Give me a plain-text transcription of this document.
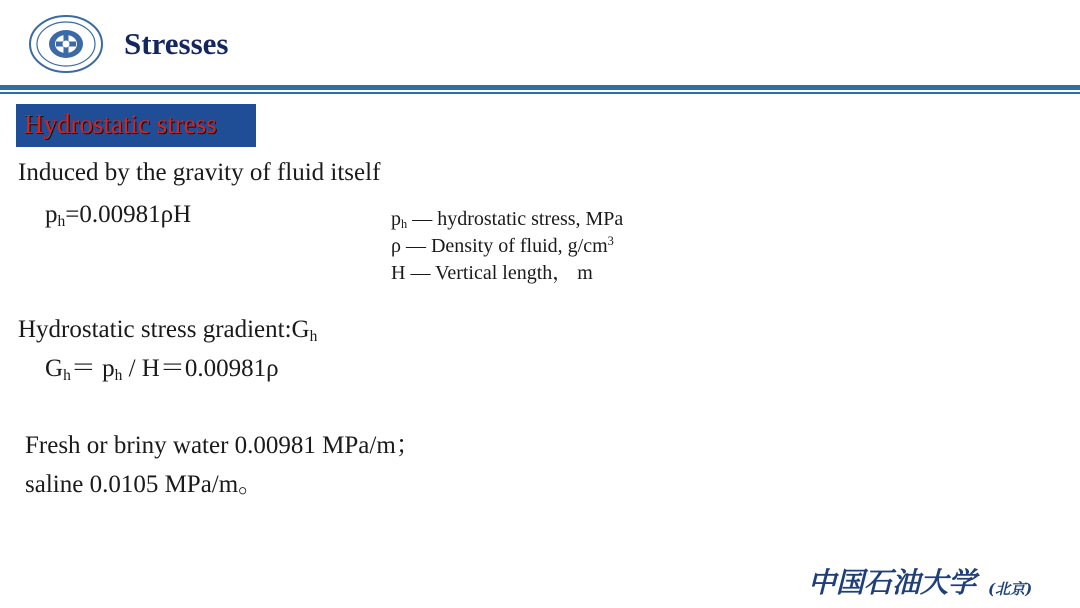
Stresses
Hydrostatic stress
Induced by the gravity of fluid itself
$p_h=0.00981\rho H$	$p_h$ — hydrostatic stress, MPa
ρ — Density of fluid, $g/cm^3$
H — Vertical length， m
Hydrostatic stress $gradient:G_h$
$G_h= p_h / H=0.00981\rho$
Fresh or briny water 0.00981 MPa/m；
saline 0.0105 MPa/m。
中国石油大学 (北京)
